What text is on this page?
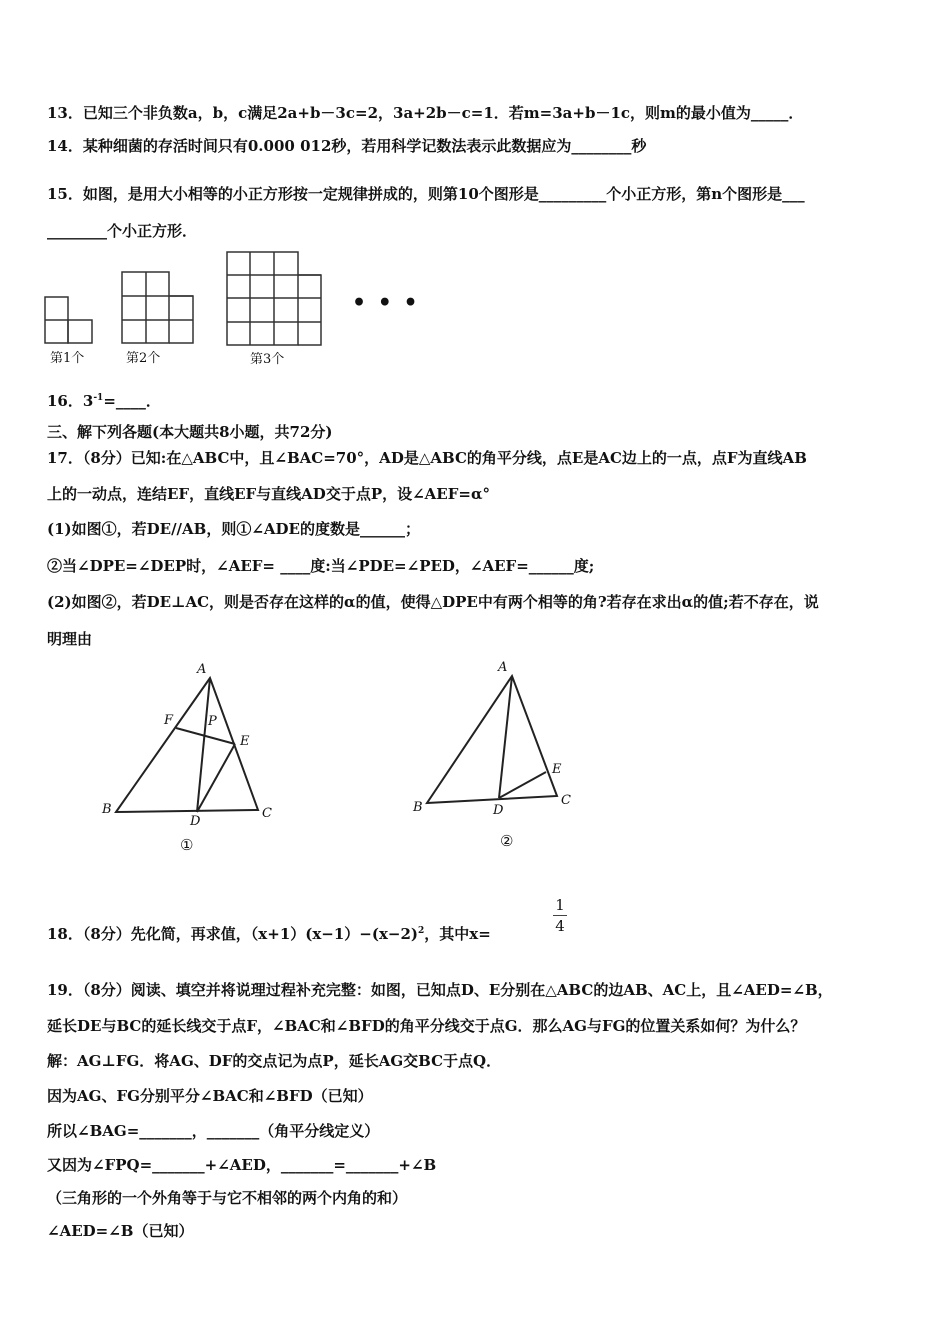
13．已知三个非负数a，b，c满足2a+b－3c=2，3a+2b－c=1．若m=3a+b－1c，则m的最小值为_____．
14．某种细菌的存活时间只有0.000 012秒，若用科学记数法表示此数据应为________秒
15．如图，是用大小相等的小正方形按一定规律拼成的，则第10个图形是_________个小正方形，第n个图形是___
________个小正方形．
第1个	第2个	第3个
• • •
16．$3^{-1}=\_\_\_\_$．
三、解下列各题(本大题共8小题，共72分)
17．（8分）已知:在△ABC中，且∠BAC=70°，AD是△ABC的角平分线，点E是AC边上的一点，点F为直线AB
上的一动点，连结EF，直线EF与直线AD交于点P，设∠AEF=α°
(1)如图①，若DE//AB，则①∠ADE的度数是______；
②当∠DPE=∠DEP时，∠AEF= ____度:当∠PDE=∠PED，∠AEF=______度;
(2)如图②，若DE⊥AC，则是否存在这样的α的值，使得△DPE中有两个相等的角?若存在求出α的值;若不存在，说
明理由
A
F	P
E
B
D
C
①
A
E
B	D
C
②
18．（8分）先化简，再求值，$(x+1)(x-1)-(x-2)^2$，其中x=
1
4
19．（8分）阅读、填空并将说理过程补充完整：如图，已知点D、E分别在△ABC的边AB、AC上，且∠AED=∠B，
延长DE与BC的延长线交于点F，∠BAC和∠BFD的角平分线交于点G．那么AG与FG的位置关系如何？为什么？
解：AG⊥FG．将AG、DF的交点记为点P，延长AG交BC于点Q．
因为AG、FG分别平分∠BAC和∠BFD（已知）
所以∠BAG=_______，_______（角平分线定义）
又因为∠FPQ=_______+∠AED，_______=_______+∠B
（三角形的一个外角等于与它不相邻的两个内角的和）
∠AED=∠B（已知）
